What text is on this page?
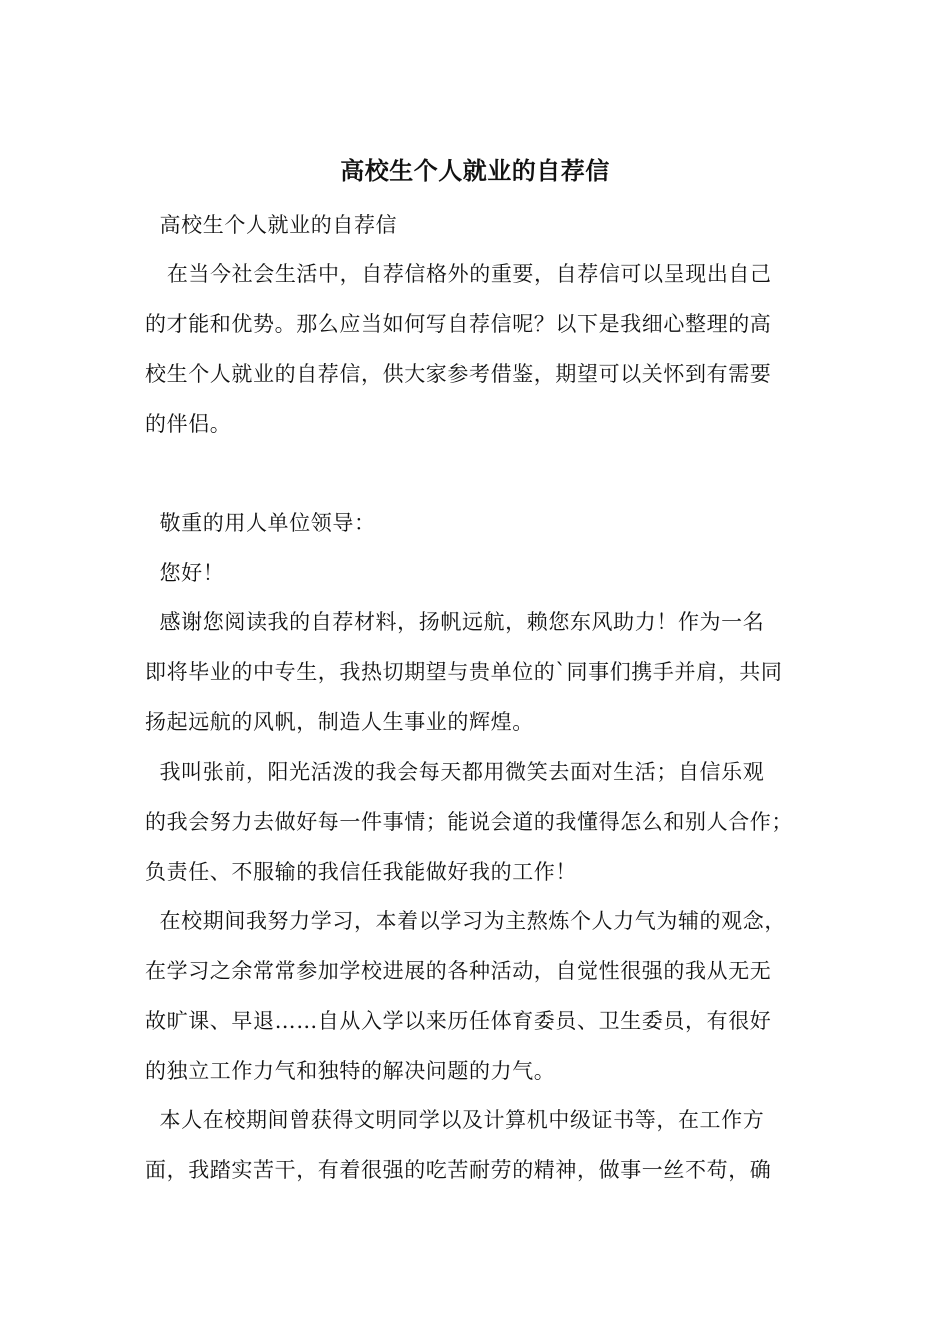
高校生个人就业的自荐信
高校生个人就业的自荐信
在当今社会生活中，自荐信格外的重要，自荐信可以呈现出自己
的才能和优势。那么应当如何写自荐信呢？以下是我细心整理的高
校生个人就业的自荐信，供大家参考借鉴，期望可以关怀到有需要
的伴侣。
敬重的用人单位领导：
您好！
感谢您阅读我的自荐材料，扬帆远航，赖您东风助力！作为一名
即将毕业的中专生，我热切期望与贵单位的`同事们携手并肩，共同
扬起远航的风帆，制造人生事业的辉煌。
我叫张前，阳光活泼的我会每天都用微笑去面对生活；自信乐观
的我会努力去做好每一件事情；能说会道的我懂得怎么和别人合作；
负责任、不服输的我信任我能做好我的工作！
在校期间我努力学习，本着以学习为主熬炼个人力气为辅的观念，
在学习之余常常参加学校进展的各种活动，自觉性很强的我从无无
故旷课、早退……自从入学以来历任体育委员、卫生委员，有很好
的独立工作力气和独特的解决问题的力气。
本人在校期间曾获得文明同学以及计算机中级证书等，在工作方
面，我踏实苦干，有着很强的吃苦耐劳的精神，做事一丝不苟，确
